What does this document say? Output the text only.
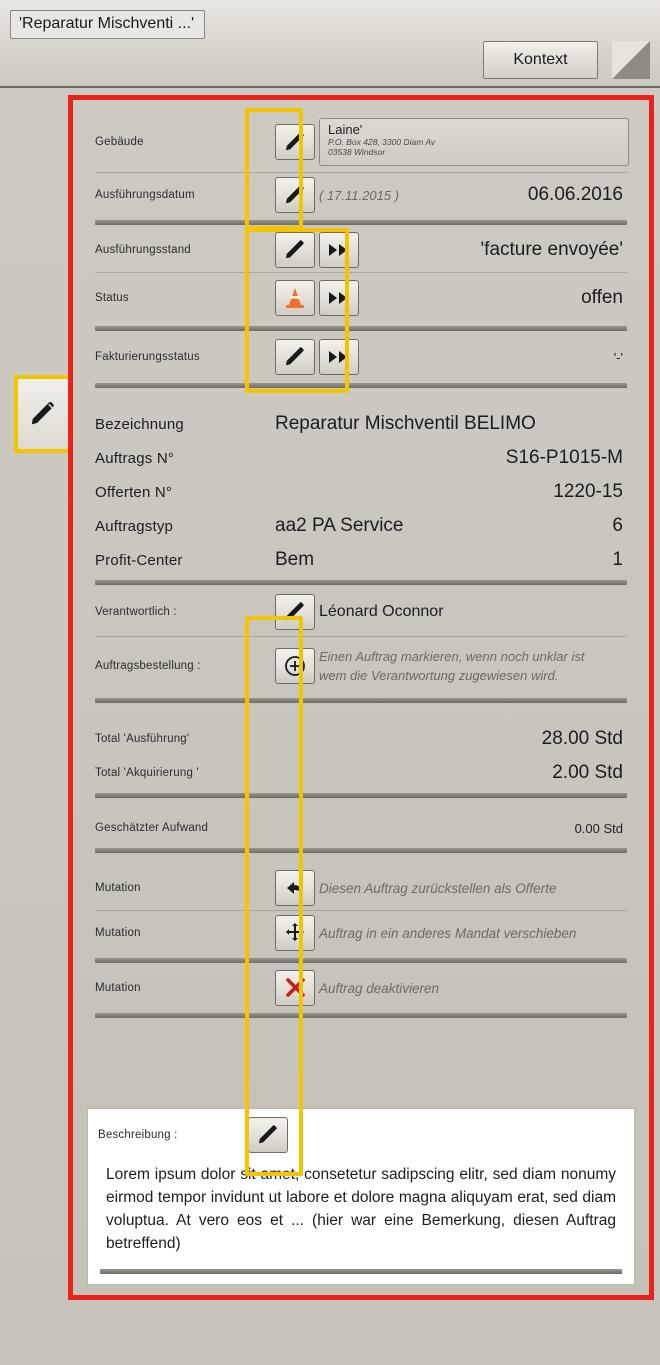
'Reparatur Mischventi ...'
Kontext
Gebäude
Laine'
P.O. Box 428, 3300 Diam Av
03538 Windsor
Ausführungsdatum	( 17.11.2015 )	06.06.2016
Ausführungsstand	'facture envoyée'
Status	offen
Fakturierungsstatus	'-'
Bezeichnung	Reparatur Mischventil BELIMO
Auftrags N°	S16-P1015-M
Offerten N°	1220-15
Auftragstyp	aa2 PA Service	6
Profit-Center	Bem	1
Verantwortlich :	Léonard Oconnor
Auftragsbestellung :
Einen Auftrag markieren, wenn noch unklar ist
wem die Verantwortung zugewiesen wird.
Total 'Ausführung'	28.00 Std
Total 'Akquirierung '	2.00 Std
Geschätzter Aufwand	0.00 Std
Mutation	Diesen Auftrag zurückstellen als Offerte
Mutation	Auftrag in ein anderes Mandat verschieben
Mutation	Auftrag deaktivieren
Beschreibung :
Lorem ipsum dolor sit amet, consetetur sadipscing elitr, sed diam nonumy eirmod tempor invidunt ut labore et dolore magna aliquyam erat, sed diam voluptua. At vero eos et ... (hier war eine Bemerkung, diesen Auftrag betreffend)
